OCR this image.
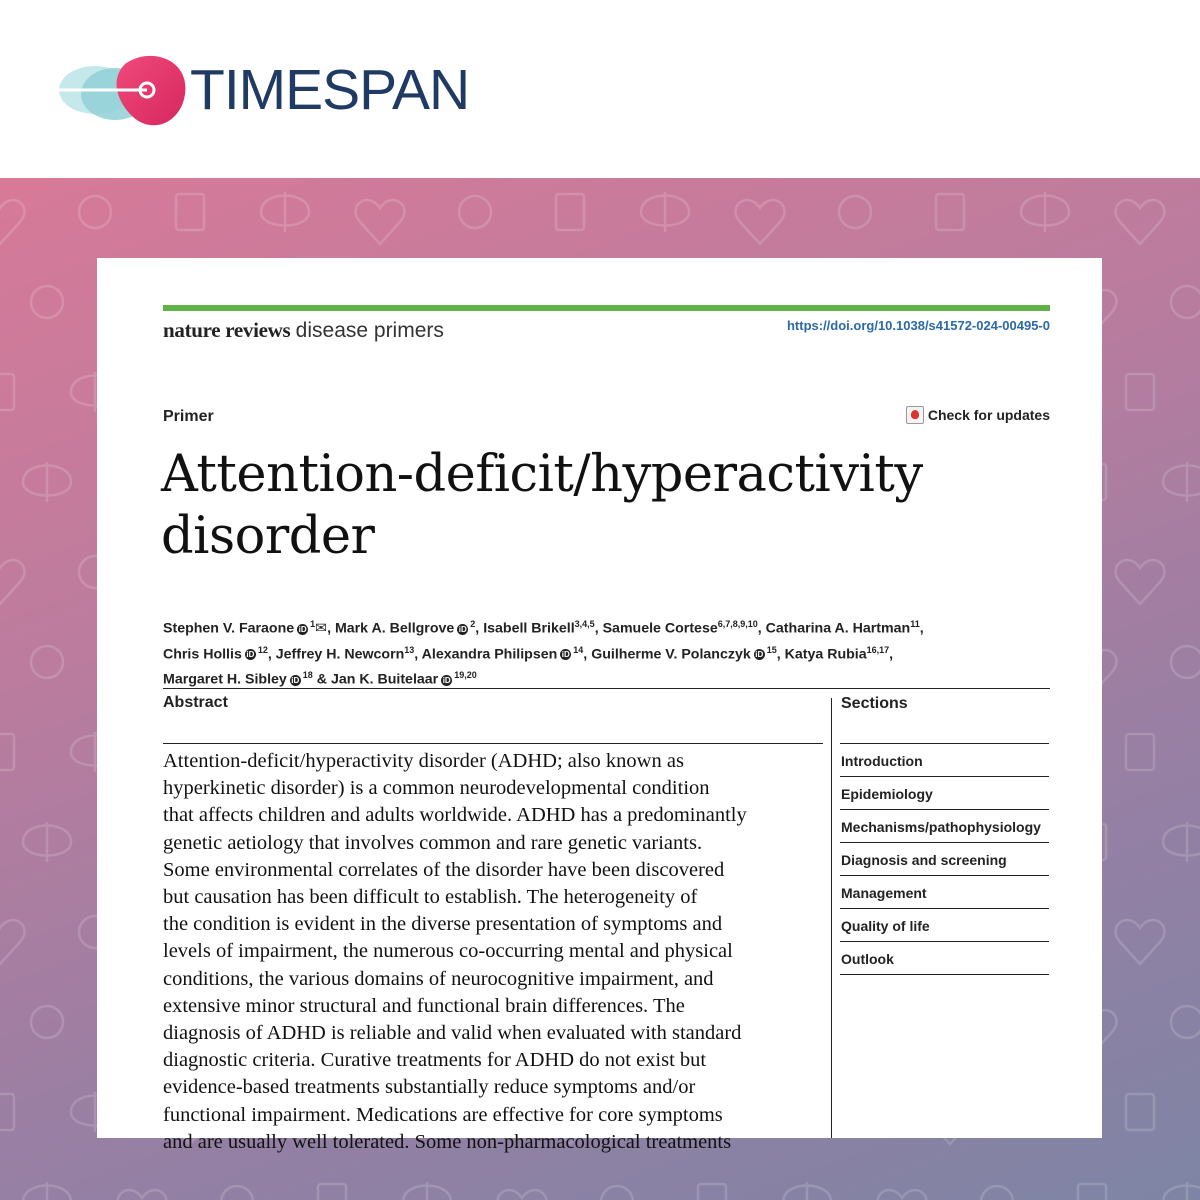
TIMESPAN
nature reviews disease primers	https://doi.org/10.1038/s41572-024-00495-0
Primer	Check for updates
Attention-deficit/hyperactivity
disorder
Stephen V. Faraone $iD^1✉$, Mark A. Bellgrove $iD^2$, Isabell Brikell$^{3,4,5}$, Samuele Cortese$^{6,7,8,9,10}$, Catharina A. Hartman$^{11}$,
Chris Hollis $iD^{12}$, Jeffrey H. Newcorn$^{13}$, Alexandra Philipsen $iD^{14}$, Guilherme V. Polanczyk $iD^{15}$, Katya Rubia$^{16,17}$,
Margaret H. Sibley $iD^{18}$ & Jan K. Buitelaar iD$^{19,20}$
Abstract
Attention-deficit/hyperactivity disorder (ADHD; also known as
hyperkinetic disorder) is a common neurodevelopmental condition
that affects children and adults worldwide. ADHD has a predominantly
genetic aetiology that involves common and rare genetic variants.
Some environmental correlates of the disorder have been discovered
but causation has been difficult to establish. The heterogeneity of
the condition is evident in the diverse presentation of symptoms and
levels of impairment, the numerous co-occurring mental and physical
conditions, the various domains of neurocognitive impairment, and
extensive minor structural and functional brain differences. The
diagnosis of ADHD is reliable and valid when evaluated with standard
diagnostic criteria. Curative treatments for ADHD do not exist but
evidence-based treatments substantially reduce symptoms and/or
functional impairment. Medications are effective for core symptoms
and are usually well tolerated. Some non-pharmacological treatments
Sections
Introduction
Epidemiology
Mechanisms/pathophysiology
Diagnosis and screening
Management
Quality of life
Outlook
